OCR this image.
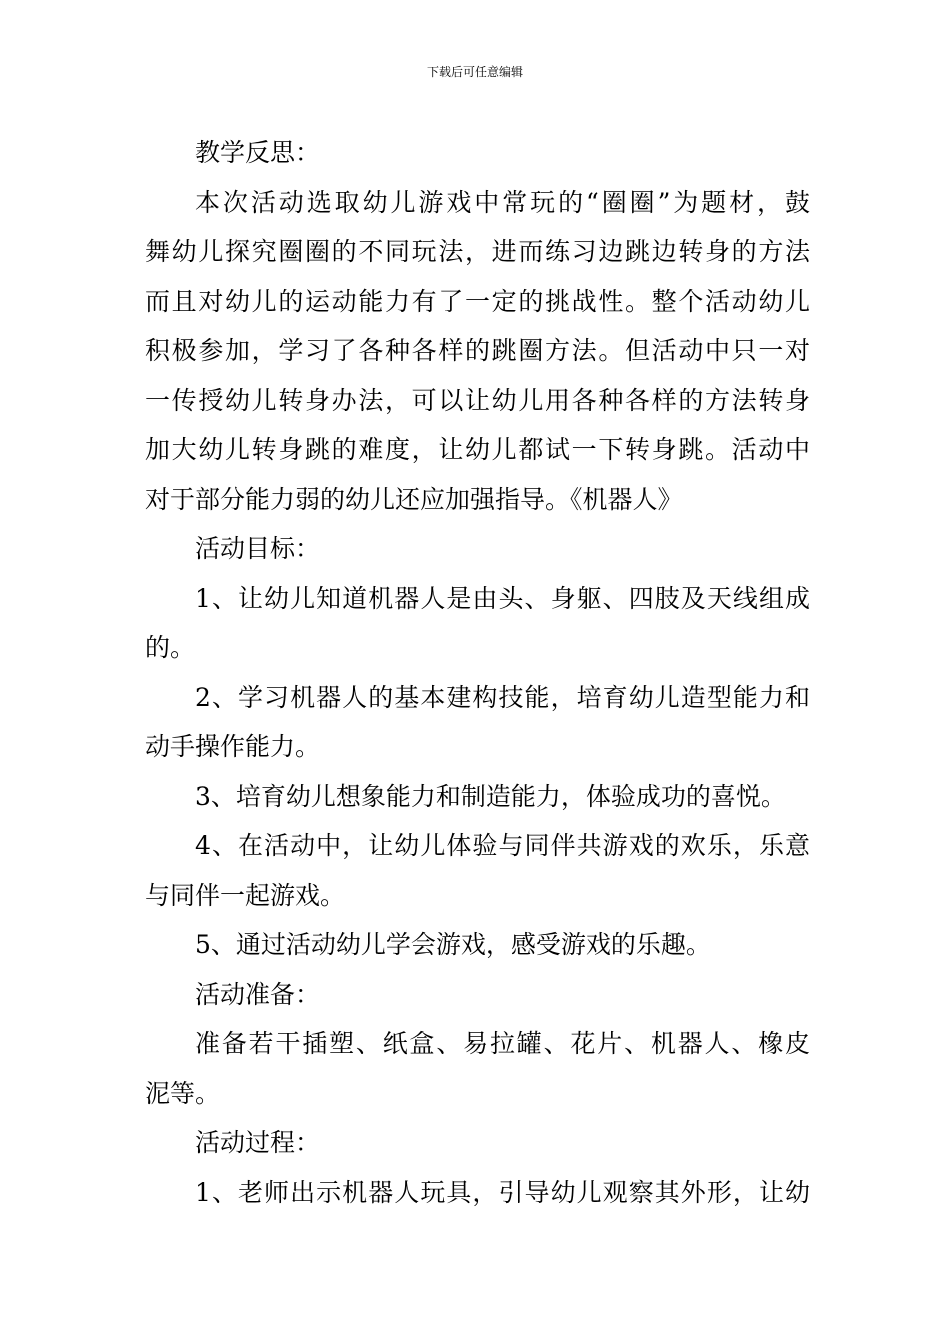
下载后可任意编辑
教学反思：
本次活动选取幼儿游戏中常玩的“圈圈”为题材，鼓
舞幼儿探究圈圈的不同玩法，进而练习边跳边转身的方法
而且对幼儿的运动能力有了一定的挑战性。整个活动幼儿
积极参加，学习了各种各样的跳圈方法。但活动中只一对
一传授幼儿转身办法，可以让幼儿用各种各样的方法转身
加大幼儿转身跳的难度，让幼儿都试一下转身跳。活动中
对于部分能力弱的幼儿还应加强指导。《机器人》
活动目标：
1、让幼儿知道机器人是由头、身躯、四肢及天线组成
的。
2、学习机器人的基本建构技能，培育幼儿造型能力和
动手操作能力。
3、培育幼儿想象能力和制造能力，体验成功的喜悦。
4、在活动中，让幼儿体验与同伴共游戏的欢乐，乐意
与同伴一起游戏。
5、通过活动幼儿学会游戏，感受游戏的乐趣。
活动准备：
准备若干插塑、纸盒、易拉罐、花片、机器人、橡皮
泥等。
活动过程：
1、老师出示机器人玩具，引导幼儿观察其外形，让幼
